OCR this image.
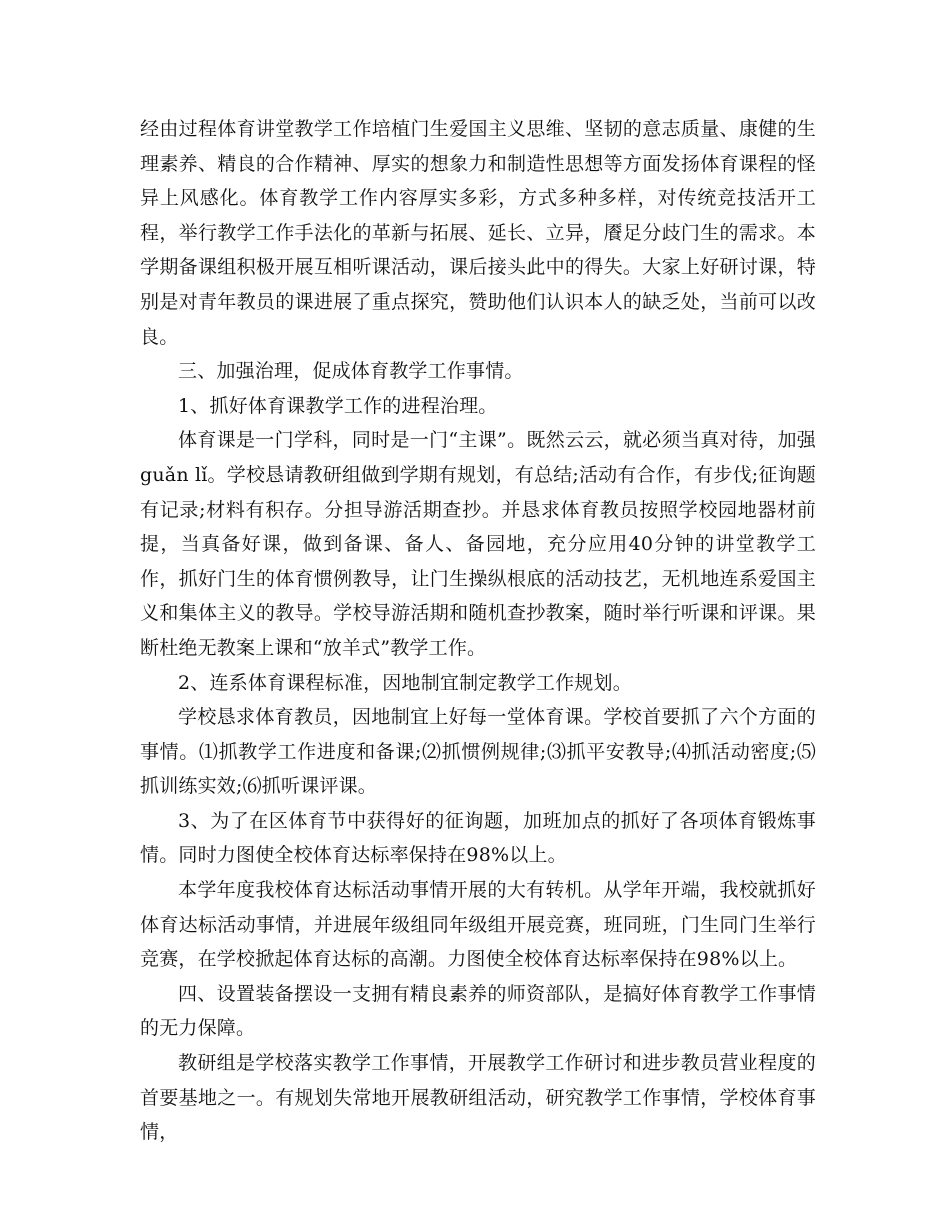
经由过程体育讲堂教学工作培植门生爱国主义思维、坚韧的意志质量、康健的生理素养、精良的合作精神、厚实的想象力和制造性思想等方面发扬体育课程的怪异上风感化。体育教学工作内容厚实多彩，方式多种多样，对传统竞技活开工程，举行教学工作手法化的革新与拓展、延长、立异，餍足分歧门生的需求。本学期备课组积极开展互相听课活动，课后接头此中的得失。大家上好研讨课，特别是对青年教员的课进展了重点探究，赞助他们认识本人的缺乏处，当前可以改良。

三、加强治理，促成体育教学工作事情。

1、抓好体育课教学工作的进程治理。

体育课是一门学科，同时是一门“主课”。既然云云，就必须当真对待，加强guǎn lǐ。学校恳请教研组做到学期有规划，有总结;活动有合作，有步伐;征询题有记录;材料有积存。分担导游活期查抄。并恳求体育教员按照学校园地器材前提，当真备好课，做到备课、备人、备园地，充分应用40分钟的讲堂教学工作，抓好门生的体育惯例教导，让门生操纵根底的活动技艺，无机地连系爱国主义和集体主义的教导。学校导游活期和随机查抄教案，随时举行听课和评课。果断杜绝无教案上课和“放羊式”教学工作。

2、连系体育课程标准，因地制宜制定教学工作规划。

学校恳求体育教员，因地制宜上好每一堂体育课。学校首要抓了六个方面的事情。⑴抓教学工作进度和备课;⑵抓惯例规律;⑶抓平安教导;⑷抓活动密度;⑸抓训练实效;⑹抓听课评课。

3、为了在区体育节中获得好的征询题，加班加点的抓好了各项体育锻炼事情。同时力图使全校体育达标率保持在98%以上。

本学年度我校体育达标活动事情开展的大有转机。从学年开端，我校就抓好体育达标活动事情，并进展年级组同年级组开展竞赛，班同班，门生同门生举行竞赛，在学校掀起体育达标的高潮。力图使全校体育达标率保持在98%以上。

四、设置装备摆设一支拥有精良素养的师资部队，是搞好体育教学工作事情的无力保障。

教研组是学校落实教学工作事情，开展教学工作研讨和进步教员营业程度的首要基地之一。有规划失常地开展教研组活动，研究教学工作事情，学校体育事情，
